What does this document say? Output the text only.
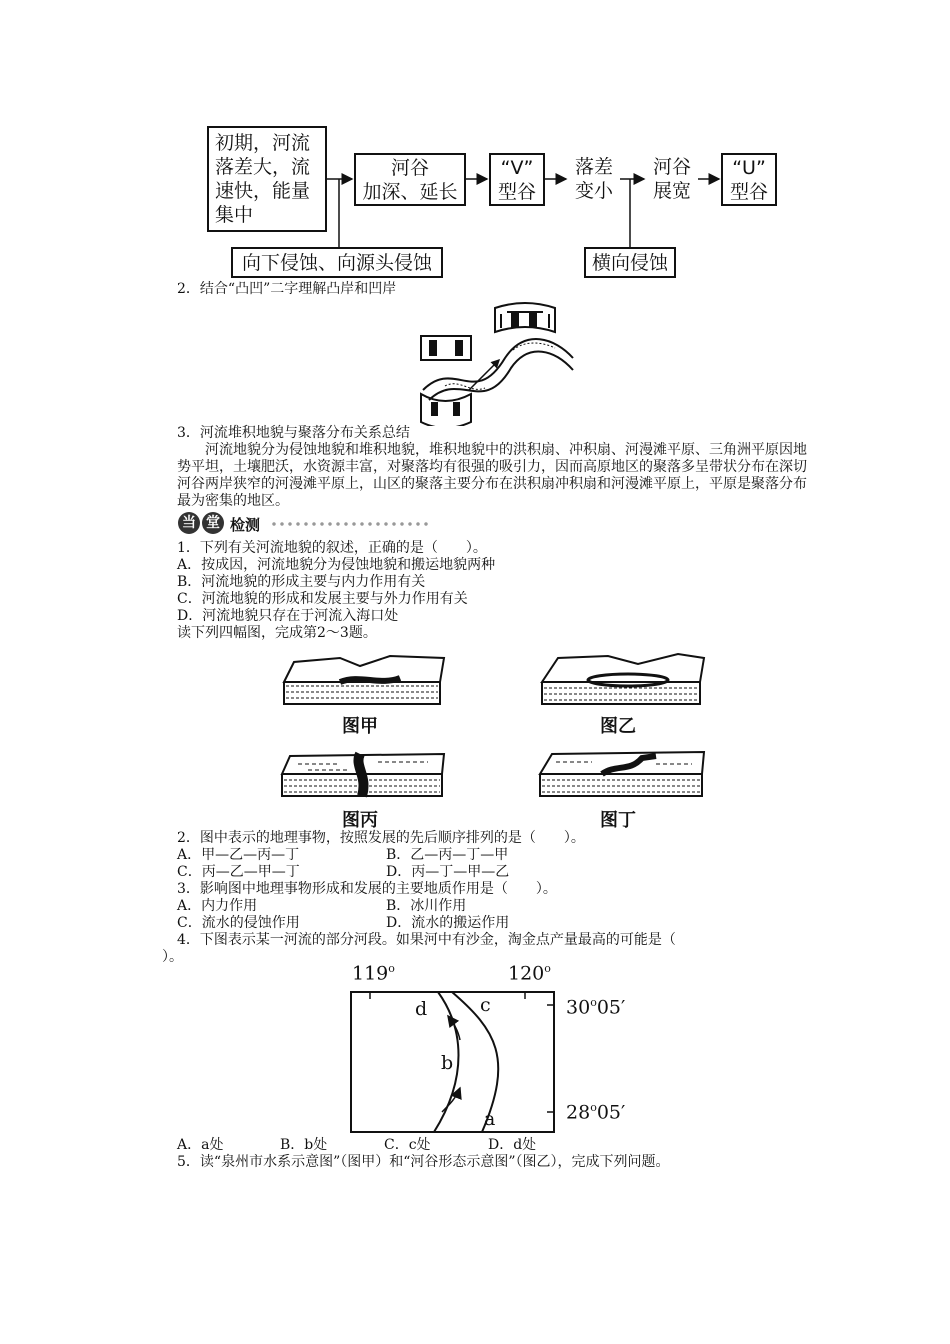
初期，河流
落差大，流
速快，能量
集中
河谷
加深、延长
“V”
型谷
落差
变小
河谷
展宽
“U”
型谷
向下侵蚀、向源头侵蚀	横向侵蚀
2．结合“凸凹”二字理解凸岸和凹岸
3．河流堆积地貌与聚落分布关系总结
河流地貌分为侵蚀地貌和堆积地貌，堆积地貌中的洪积扇、冲积扇、河漫滩平原、三角洲平原因地势平坦，土壤肥沃，水资源丰富，对聚落均有很强的吸引力，因而高原地区的聚落多呈带状分布在深切河谷两岸狭窄的河漫滩平原上，山区的聚落主要分布在洪积扇冲积扇和河漫滩平原上，平原是聚落分布最为密集的地区。
当 堂 检测
1．下列有关河流地貌的叙述，正确的是（　　）。
A．按成因，河流地貌分为侵蚀地貌和搬运地貌两种
B．河流地貌的形成主要与内力作用有关
C．河流地貌的形成和发展主要与外力作用有关
D．河流地貌只存在于河流入海口处
读下列四幅图，完成第2～3题。
图甲	图乙
图丙	图丁
2．图中表示的地理事物，按照发展的先后顺序排列的是（　　）。
A．甲—乙—丙—丁	B．乙—丙—丁—甲
C．丙—乙—甲—丁	D．丙—丁—甲—乙
3．影响图中地理事物形成和发展的主要地质作用是（　　）。
A．内力作用	B．冰川作用
C．流水的侵蚀作用	D．流水的搬运作用
4．下图表示某一河流的部分河段。如果河中有沙金，淘金点产量最高的可能是（
）。
119$^o$	120$^o$
30$^o$05′
28$^o$05′
d	c
b
a
A．a处	B．b处	C．c处	D．d处
5．读“泉州市水系示意图”（图甲）和“河谷形态示意图”（图乙），完成下列问题。
